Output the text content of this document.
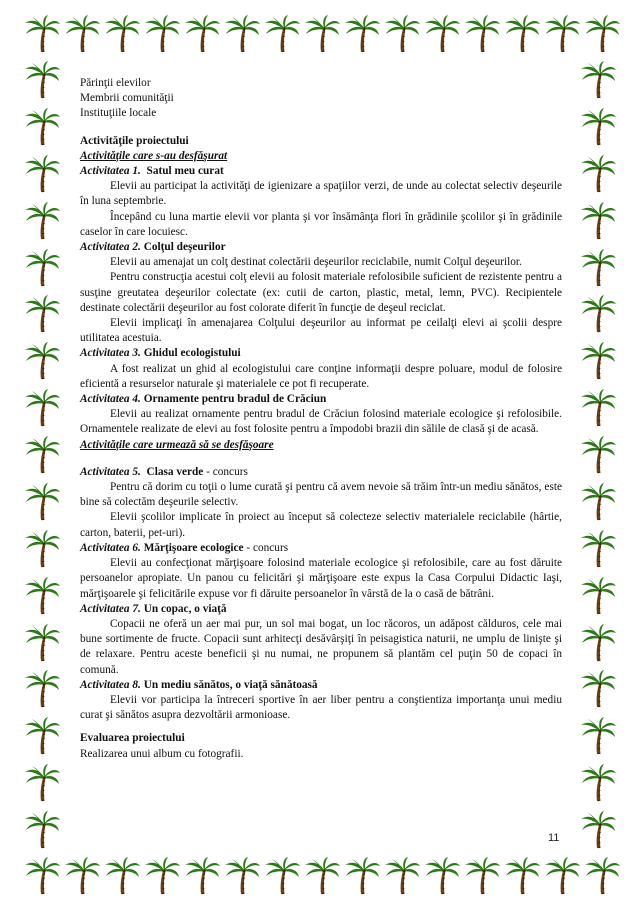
Părinţii elevilor

Membrii comunităţii

Instituţiile locale

Activităţile proiectului

Activităţile care s-au desfăşurat

Activitatea 1. Satul meu curat

Elevii au participat la activităţi de igienizare a spaţiilor verzi, de unde au colectat selectiv deşeurile în luna septembrie.

Începând cu luna martie elevii vor planta şi vor însămânţa flori în grădinile şcolilor şi în grădinile caselor în care locuiesc.

Activitatea 2. Colţul deşeurilor

Elevii au amenajat un colţ destinat colectării deşeurilor reciclabile, numit Colţul deşeurilor.

Pentru construcţia acestui colţ elevii au folosit materiale refolosibile suficient de rezistente pentru a susţine greutatea deşeurilor colectate (ex: cutii de carton, plastic, metal, lemn, PVC). Recipientele destinate colectării deşeurilor au fost colorate diferit în funcţie de deşeul reciclat.

Elevii implicaţi în amenajarea Colţului deşeurilor au informat pe ceilalţi elevi ai şcolii despre utilitatea acestuia.

Activitatea 3. Ghidul ecologistului

A fost realizat un ghid al ecologistului care conţine informaţii despre poluare, modul de folosire eficientă a resurselor naturale şi materialele ce pot fi recuperate.

Activitatea 4. Ornamente pentru bradul de Crăciun

Elevii au realizat ornamente pentru bradul de Crăciun folosind materiale ecologice şi refolosibile. Ornamentele realizate de elevi au fost folosite pentru a împodobi brazii din sălile de clasă şi de acasă.

Activităţile care urmează să se desfăşoare

Activitatea 5. Clasa verde - concurs

Pentru că dorim cu toţii o lume curată şi pentru că avem nevoie să trăim într-un mediu sănătos, este bine să colectăm deşeurile selectiv.

Elevii şcolilor implicate în proiect au început să colecteze selectiv materialele reciclabile (hârtie, carton, baterii, pet-uri).

Activitatea 6. Mărţişoare ecologice - concurs

Elevii au confecţionat mărţişoare folosind materiale ecologice şi refolosibile, care au fost dăruite persoanelor apropiate. Un panou cu felicitări şi mărţişoare este expus la Casa Corpului Didactic Iaşi, mărţişoarele şi felicitările expuse vor fi dăruite persoanelor în vârstă de la o casă de bătrâni.

Activitatea 7. Un copac, o viaţă

Copacii ne oferă un aer mai pur, un sol mai bogat, un loc răcoros, un adăpost călduros, cele mai bune sortimente de fructe. Copacii sunt arhitecţi desăvârşiţi în peisagistica naturii, ne umplu de linişte şi de relaxare. Pentru aceste beneficii şi nu numai, ne propunem să plantăm cel puţin 50 de copaci în comună.

Activitatea 8. Un mediu sănătos, o viaţă sănătoasă

Elevii vor participa la întreceri sportive în aer liber pentru a conştientiza importanţa unui mediu curat şi sănătos asupra dezvoltării armonioase.

Evaluarea proiectului

Realizarea unui album cu fotografii.

11
